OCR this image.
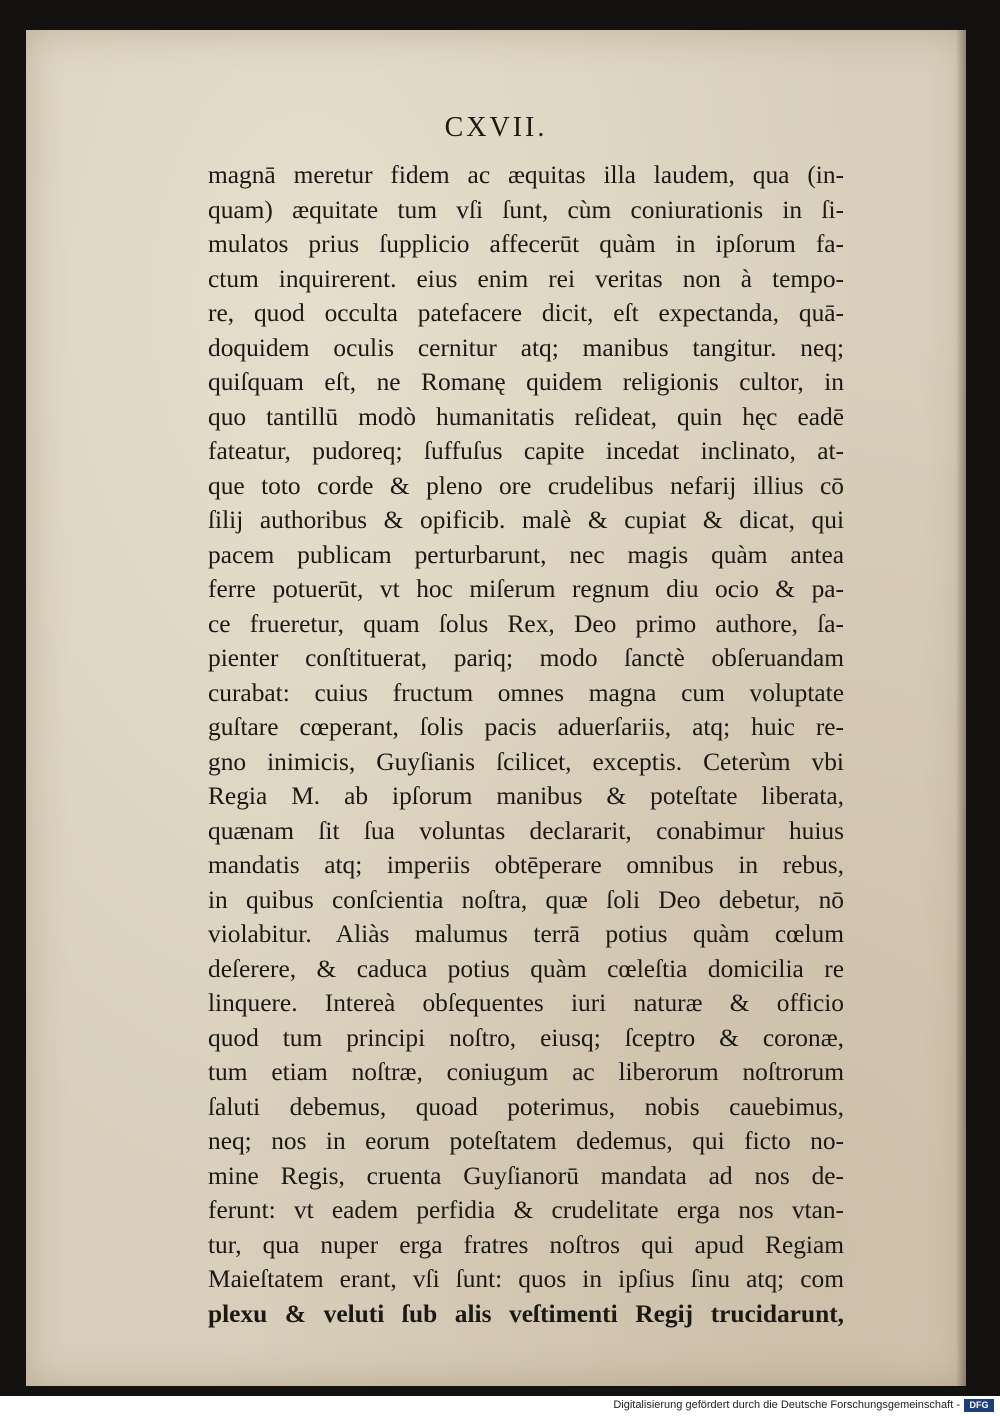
CXVII.
magnā meretur fidem ac æquitas illa laudem, qua (in-
quam) æquitate tum vſi ſunt, cùm coniurationis in ſi-
mulatos prius ſupplicio affecerūt quàm in ipſorum fa-
ctum inquirerent. eius enim rei veritas non à tempo-
re, quod occulta patefacere dicit, eſt expectanda, quā-
doquidem oculis cernitur atq; manibus tangitur. neq;
quiſquam eſt, ne Romanę quidem religionis cultor, in
quo tantillū modò humanitatis reſideat, quin hęc eadē
fateatur, pudoreq; ſuffuſus capite incedat inclinato, at-
que toto corde & pleno ore crudelibus nefarij illius cō
ſilij authoribus & opificib. malè & cupiat & dicat, qui
pacem publicam perturbarunt, nec magis quàm antea
ferre potuerūt, vt hoc miſerum regnum diu ocio & pa-
ce frueretur, quam ſolus Rex, Deo primo authore, ſa-
pienter conſtituerat, pariq; modo ſanctè obſeruandam
curabat: cuius fructum omnes magna cum voluptate
guſtare cœperant, ſolis pacis aduerſariis, atq; huic re-
gno inimicis, Guyſianis ſcilicet, exceptis. Ceterùm vbi
Regia M. ab ipſorum manibus & poteſtate liberata,
quænam ſit ſua voluntas declararit, conabimur huius
mandatis atq; imperiis obtēperare omnibus in rebus,
in quibus conſcientia noſtra, quæ ſoli Deo debetur, nō
violabitur. Aliàs malumus terrā potius quàm cœlum
deſerere, & caduca potius quàm cœleſtia domicilia re
linquere. Intereà obſequentes iuri naturæ & officio
quod tum principi noſtro, eiusq; ſceptro & coronæ,
tum etiam noſtræ, coniugum ac liberorum noſtrorum
ſaluti debemus, quoad poterimus, nobis cauebimus,
neq; nos in eorum poteſtatem dedemus, qui ficto no-
mine Regis, cruenta Guyſianorū mandata ad nos de-
ferunt: vt eadem perfidia & crudelitate erga nos vtan-
tur, qua nuper erga fratres noſtros qui apud Regiam
Maieſtatem erant, vſi ſunt: quos in ipſius ſinu atq; com
plexu & veluti ſub alis veſtimenti Regij trucidarunt,
Digitalisierung gefördert durch die Deutsche Forschungsgemeinschaft -	DFG
